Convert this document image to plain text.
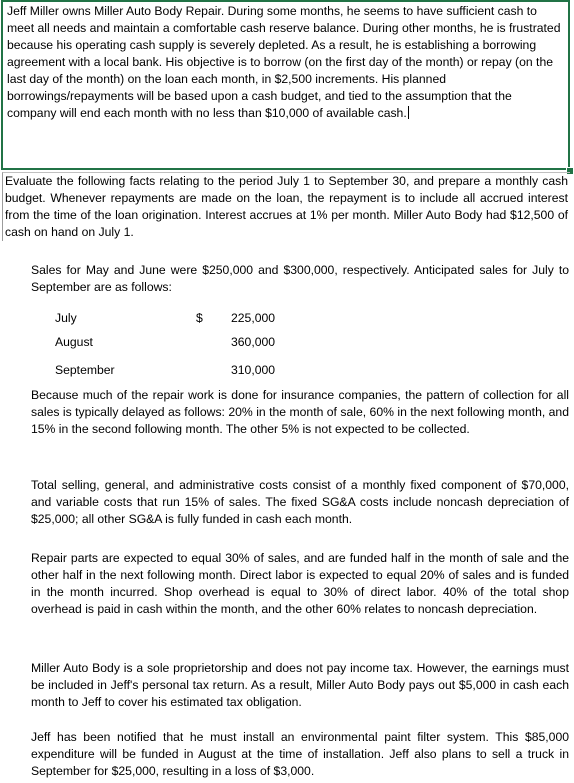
Jeff Miller owns Miller Auto Body Repair. During some months, he seems to have sufficient cash to meet all needs and maintain a comfortable cash reserve balance. During other months, he is frustrated because his operating cash supply is severely depleted. As a result, he is establishing a borrowing agreement with a local bank. His objective is to borrow (on the first day of the month) or repay (on the last day of the month) on the loan each month, in $2,500 increments. His planned borrowings/repayments will be based upon a cash budget, and tied to the assumption that the company will end each month with no less than $10,000 of available cash.

Evaluate the following facts relating to the period July 1 to September 30, and prepare a monthly cash budget. Whenever repayments are made on the loan, the repayment is to include all accrued interest from the time of the loan origination. Interest accrues at 1% per month. Miller Auto Body had $12,500 of cash on hand on July 1.

Sales for May and June were $250,000 and $300,000, respectively. Anticipated sales for July to September are as follows:

July	$ 225,000
August	360,000
September	310,000

Because much of the repair work is done for insurance companies, the pattern of collection for all sales is typically delayed as follows: 20% in the month of sale, 60% in the next following month, and 15% in the second following month. The other 5% is not expected to be collected.

Total selling, general, and administrative costs consist of a monthly fixed component of $70,000, and variable costs that run 15% of sales. The fixed SG&A costs include noncash depreciation of $25,000; all other SG&A is fully funded in cash each month.

Repair parts are expected to equal 30% of sales, and are funded half in the month of sale and the other half in the next following month. Direct labor is expected to equal 20% of sales and is funded in the month incurred. Shop overhead is equal to 30% of direct labor. 40% of the total shop overhead is paid in cash within the month, and the other 60% relates to noncash depreciation.

Miller Auto Body is a sole proprietorship and does not pay income tax. However, the earnings must be included in Jeff's personal tax return. As a result, Miller Auto Body pays out $5,000 in cash each month to Jeff to cover his estimated tax obligation.

Jeff has been notified that he must install an environmental paint filter system. This $85,000 expenditure will be funded in August at the time of installation. Jeff also plans to sell a truck in September for $25,000, resulting in a loss of $3,000.
